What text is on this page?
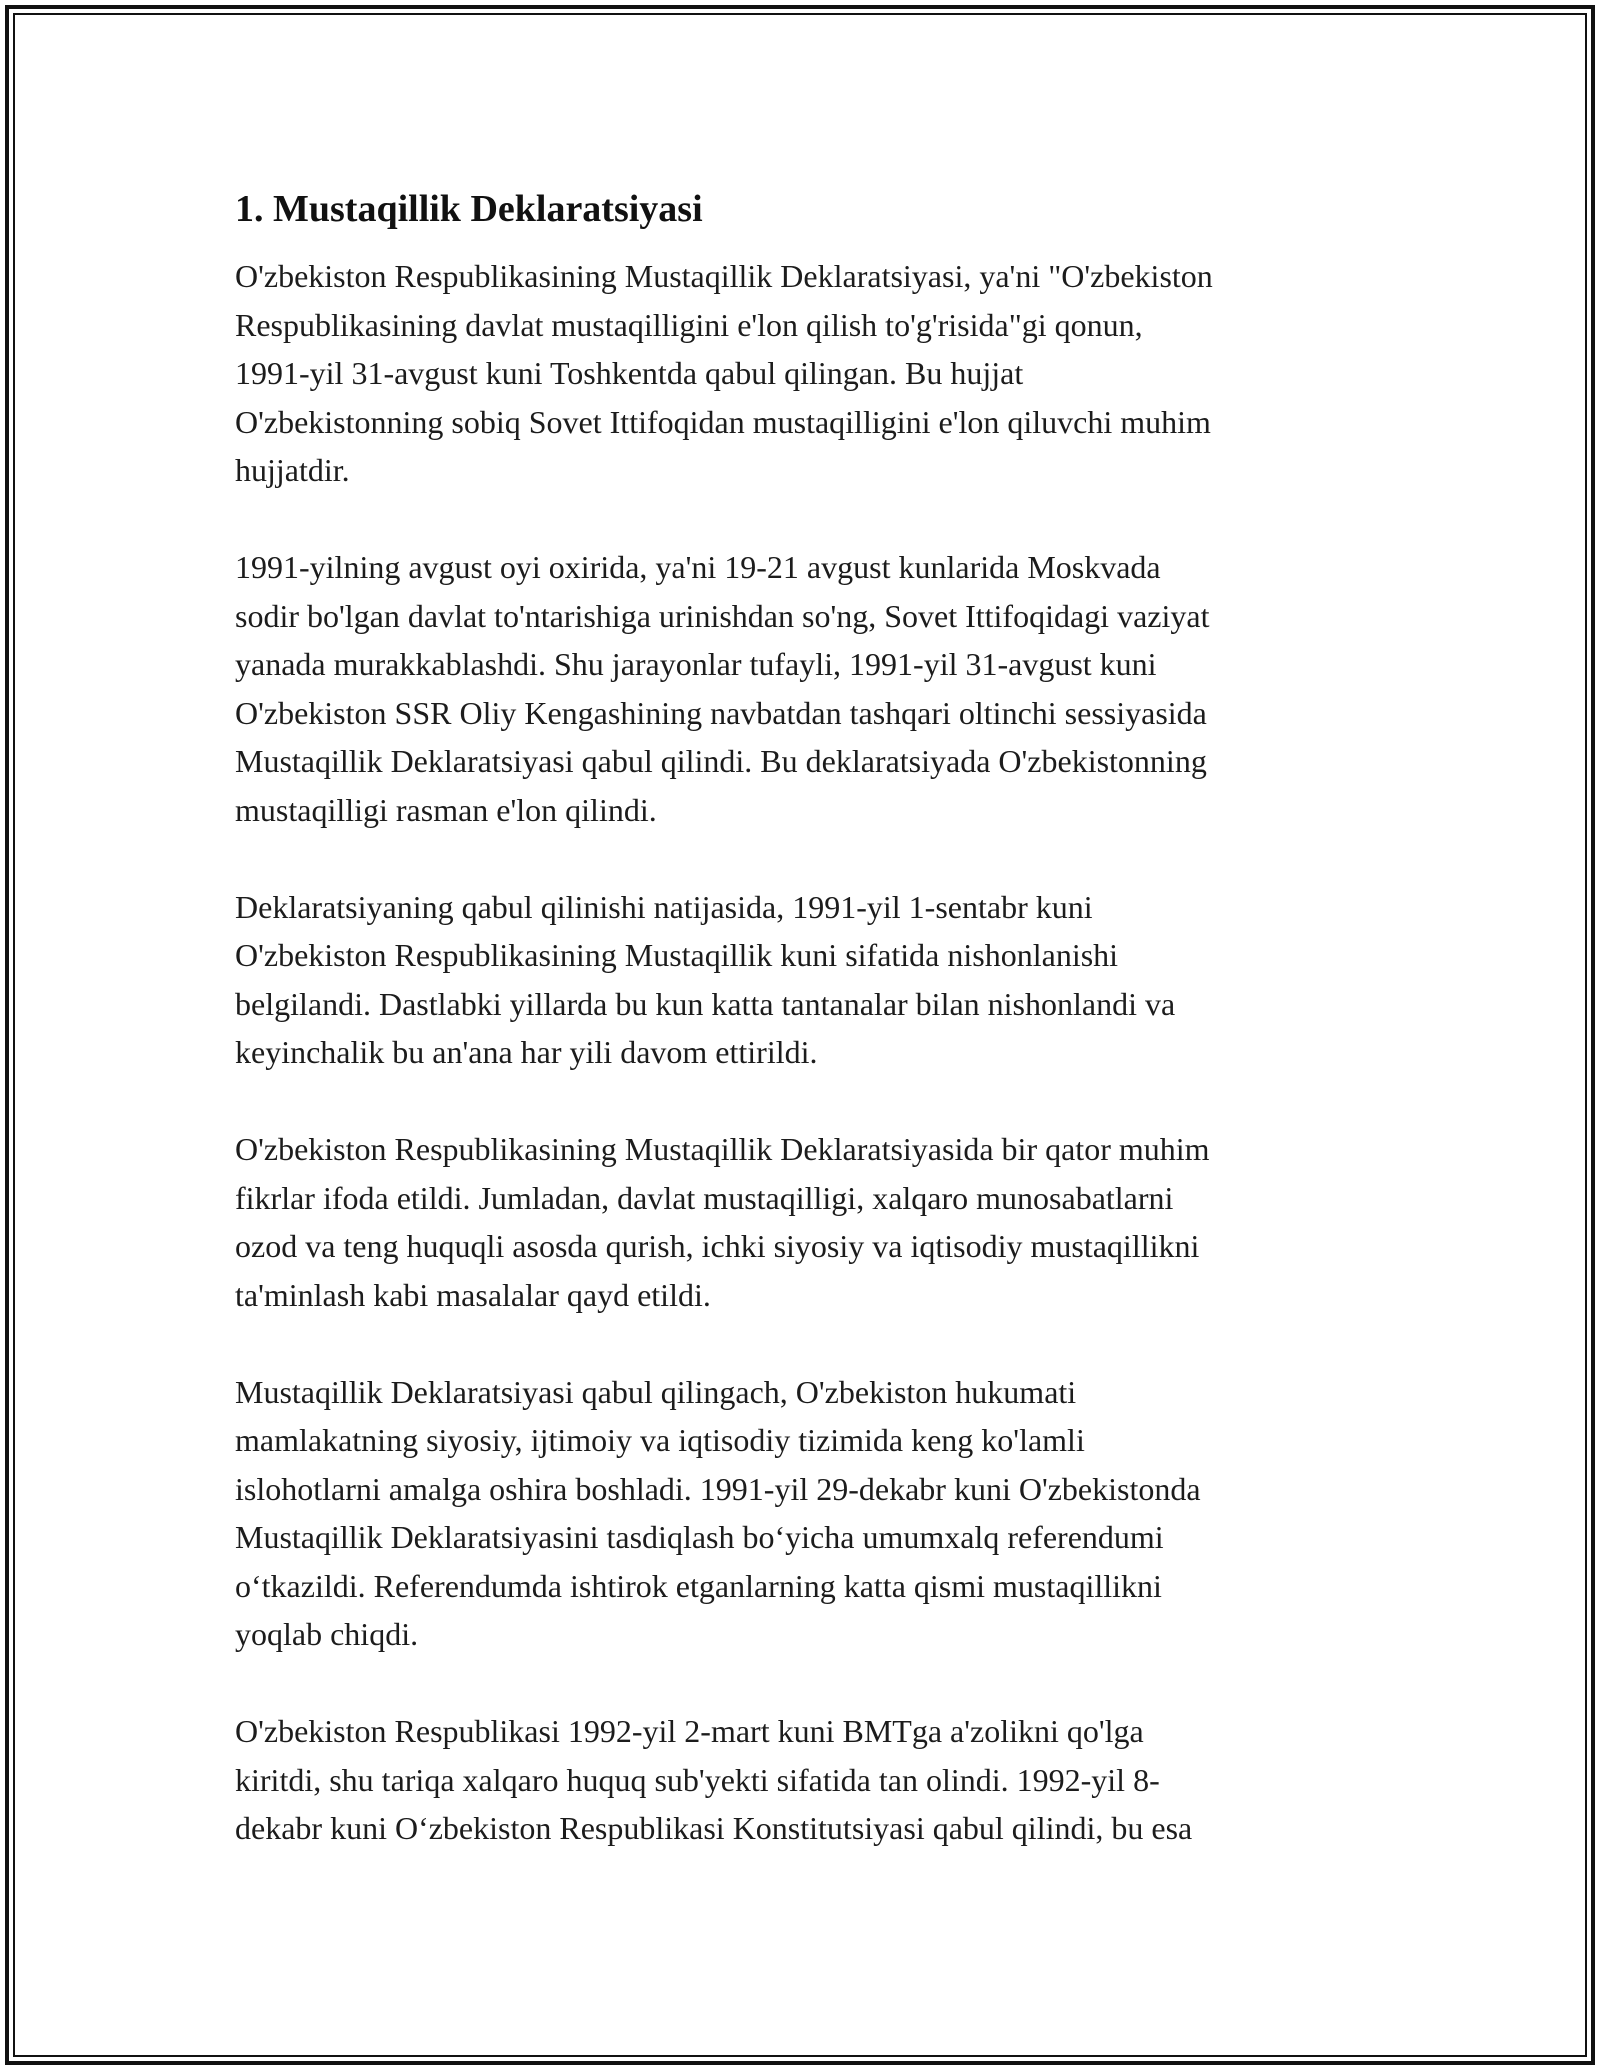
1. Mustaqillik Deklaratsiyasi

O'zbekiston Respublikasining Mustaqillik Deklaratsiyasi, ya'ni "O'zbekiston
Respublikasining davlat mustaqilligini e'lon qilish to'g'risida"gi qonun,
1991-yil 31-avgust kuni Toshkentda qabul qilingan. Bu hujjat
O'zbekistonning sobiq Sovet Ittifoqidan mustaqilligini e'lon qiluvchi muhim
hujjatdir.

1991-yilning avgust oyi oxirida, ya'ni 19-21 avgust kunlarida Moskvada
sodir bo'lgan davlat to'ntarishiga urinishdan so'ng, Sovet Ittifoqidagi vaziyat
yanada murakkablashdi. Shu jarayonlar tufayli, 1991-yil 31-avgust kuni
O'zbekiston SSR Oliy Kengashining navbatdan tashqari oltinchi sessiyasida
Mustaqillik Deklaratsiyasi qabul qilindi. Bu deklaratsiyada O'zbekistonning
mustaqilligi rasman e'lon qilindi.

Deklaratsiyaning qabul qilinishi natijasida, 1991-yil 1-sentabr kuni
O'zbekiston Respublikasining Mustaqillik kuni sifatida nishonlanishi
belgilandi. Dastlabki yillarda bu kun katta tantanalar bilan nishonlandi va
keyinchalik bu an'ana har yili davom ettirildi.

O'zbekiston Respublikasining Mustaqillik Deklaratsiyasida bir qator muhim
fikrlar ifoda etildi. Jumladan, davlat mustaqilligi, xalqaro munosabatlarni
ozod va teng huquqli asosda qurish, ichki siyosiy va iqtisodiy mustaqillikni
ta'minlash kabi masalalar qayd etildi.

Mustaqillik Deklaratsiyasi qabul qilingach, O'zbekiston hukumati
mamlakatning siyosiy, ijtimoiy va iqtisodiy tizimida keng ko'lamli
islohotlarni amalga oshira boshladi. 1991-yil 29-dekabr kuni O'zbekistonda
Mustaqillik Deklaratsiyasini tasdiqlash bo‘yicha umumxalq referendumi
o‘tkazildi. Referendumda ishtirok etganlarning katta qismi mustaqillikni
yoqlab chiqdi.

O'zbekiston Respublikasi 1992-yil 2-mart kuni BMTga a'zolikni qo'lga
kiritdi, shu tariqa xalqaro huquq sub'yekti sifatida tan olindi. 1992-yil 8-
dekabr kuni O‘zbekiston Respublikasi Konstitutsiyasi qabul qilindi, bu esa
